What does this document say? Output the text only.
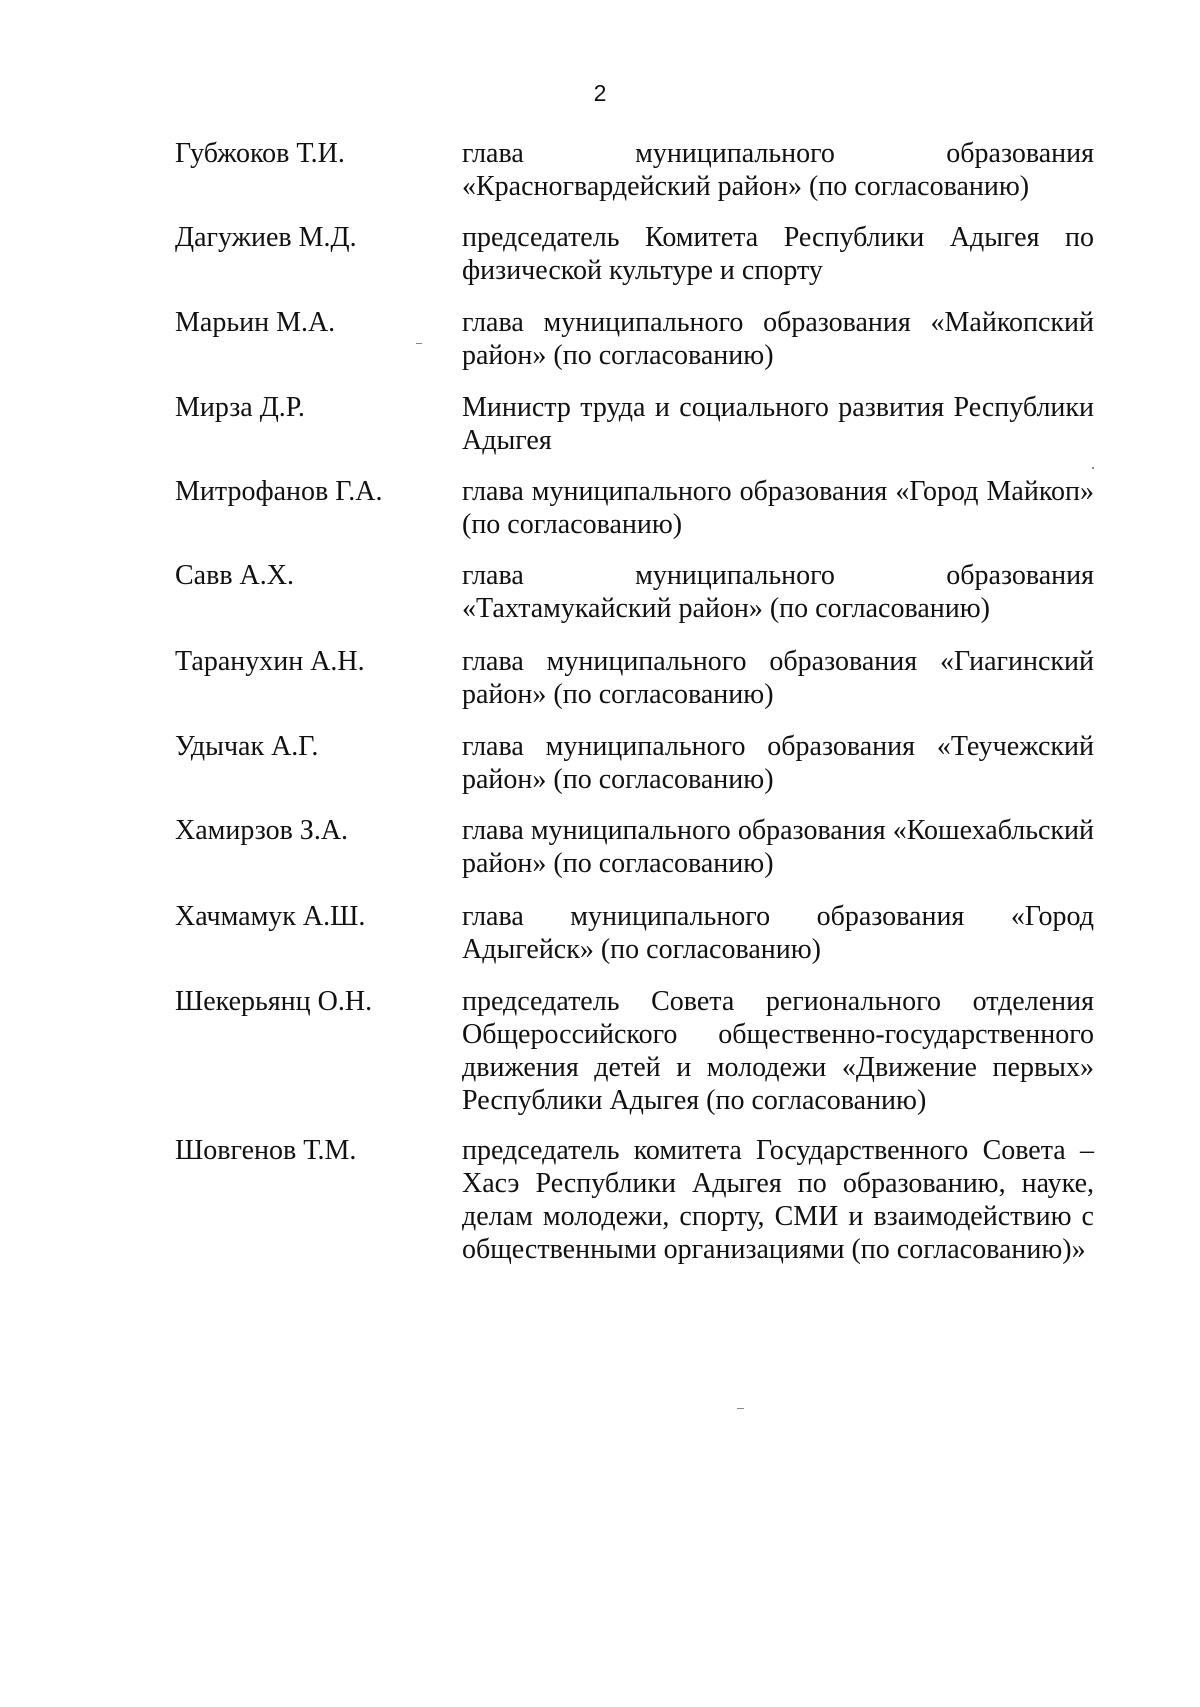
2
Губжоков Т.И.	глава муниципального образования «Красногвардейский район» (по согласованию)
Дагужиев М.Д.	председатель Комитета Республики Адыгея по физической культуре и спорту
Марьин М.А.	глава муниципального образования «Майкопский район» (по согласованию)
Мирза Д.Р.	Министр труда и социального развития Республики Адыгея
Митрофанов Г.А.	глава муниципального образования «Город Майкоп» (по согласованию)
Савв А.Х.	глава муниципального образования «Тахтамукайский район» (по согласованию)
Таранухин А.Н.	глава муниципального образования «Гиагинский район» (по согласованию)
Удычак А.Г.	глава муниципального образования «Теучежский район» (по согласованию)
Хамирзов З.А.	глава муниципального образования «Кошехабльский район» (по согласованию)
Хачмамук А.Ш.	глава муниципального образования «Город Адыгейск» (по согласованию)
Шекерьянц О.Н.	председатель Совета регионального отделения Общероссийского общественно-государственного движения детей и молодежи «Движение первых» Республики Адыгея (по согласованию)
Шовгенов Т.М.	председатель комитета Государственного Совета – Хасэ Республики Адыгея по образованию, науке, делам молодежи, спорту, СМИ и взаимодействию с общественными организациями (по согласованию)»
